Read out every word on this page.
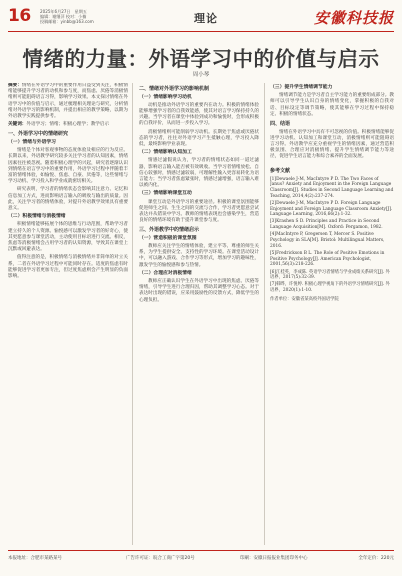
16 2025年6月27日　星期五
编辑：谢继萍 校对：小楠
投稿邮箱：yinbb@163.com	理论	安徽科技报
情绪的力量：外语学习中的价值与启示
周小琴

摘要：情绪在外语学习中的重要作用日益受到关注，积极情绪能够提升学习者的动机和参与度，而焦虑、厌倦等消极情绪则可能阻碍语言习得，影响学习效果。本文探讨情绪在外语学习中的价值与启示，通过梳理相关理论与研究，分析情绪对外语学习的影响机制，并提出相应的教学策略，以期为外语教学实践提供参考。

关键词：外语学习；情绪；积极心理学；教学启示

一、外语学习中的情绪研究
（一）情绪与外语学习

情绪是个体对客观事物的态度体验及相应的行为反应。长期以来，外语教学研究较多关注学习者的认知因素，情绪因素往往被忽视。随着积极心理学的兴起，研究者逐渐认识到情绪在语言学习中的重要作用，外语学习过程中伴随着丰富的情绪体验，如愉悦、焦虑、自豪、厌倦等，这些情绪与学习动机、学习投入和学业成就密切相关。

研究表明，学习者的情绪状态会影响其注意力、记忆和信息加工方式，进而影响语言输入的吸收与输出的质量。因此，关注学习者的情绪体验，对提升外语教学效果具有重要意义。

（二）积极情绪与消极情绪

积极情绪能够拓展个体的思维与行动范围，帮助学习者建立持久的个人资源。愉悦感可以激发学习者的好奇心，使其更愿意参与课堂活动，主动使用目标语进行交流。相反，焦虑等消极情绪会占用学习者的认知资源，导致其在课堂上沉默或回避表达。

值得注意的是，积极情绪与消极情绪并非简单的对立关系，二者在外语学习过程中可能同时存在。适度的焦虑有时能够促进学习者更加专注，但过度焦虑则会产生明显的负面影响。

二、情绪对外语学习的影响机制
（一）情绪影响学习动机

动机是推动外语学习的重要内在动力。积极的情绪体验能够增强学习者的自我效能感，使其对语言学习保持持久的兴趣。当学习者在课堂中体验到成功和愉悦时，会形成积极的自我评价，从而进一步投入学习。

消极情绪则可能削弱学习动机。长期处于焦虑或厌倦状态的学习者，往往对外语学习产生抵触心理，学习投入降低，最终影响学业表现。

（二）情绪影响认知加工

情感过滤假说认为，学习者的情绪状态如同一道过滤器，影响语言输入能否被有效吸收。当学习者情绪放松、自信心较强时，情感过滤较弱，可理解性输入更容易转化为语言能力；当学习者焦虑紧张时，情感过滤增强，语言输入难以被内化。

（三）情绪影响课堂互动

课堂互动是外语学习的重要途径。积极的课堂氛围能够促进师生之间、生生之间的交流与合作，学习者更愿意尝试表达并从错误中学习。教师的情绪表现也会感染学生，营造良好的情绪环境有助于提升课堂参与度。

三、外语教学中的情绪启示
（一）营造积极的课堂氛围

教师应关注学生的情绪体验，建立平等、尊重的师生关系，为学生提供安全、支持性的学习环境。在课堂活动设计中，可以融入游戏、合作学习等形式，增加学习的趣味性，激发学生的愉悦感和参与热情。

（二）合理应对消极情绪

教师应正确认识学生在外语学习中出现的焦虑、厌倦等情绪，引导学生进行合理归因，帮助其调整学习心态。对于表达时出现的错误，应采用鼓励性的反馈方式，降低学生的心理负担。

（三）提升学生情绪调节能力

情绪调节能力是学习者自主学习能力的重要组成部分。教师可以引导学生认识自身的情绪变化，掌握积极的自我对话、目标设定等调节策略，使其能够在学习过程中保持稳定、积极的情绪状态。

四、结语

情绪在外语学习中具有不可忽视的价值。积极情绪能够促进学习动机、认知加工和课堂互动，消极情绪则可能阻碍语言习得。外语教学应充分重视学生的情绪因素，通过营造积极氛围、合理应对消极情绪、提升学生情绪调节能力等途径，促进学生语言能力和综合素养的全面发展。

参考文献
[1]Dewaele J-M, MacIntyre P D. The Two Faces of Janus? Anxiety and Enjoyment in the Foreign Language Classroom[J]. Studies in Second Language Learning and Teaching, 2014,4(2):237-274.
[2]Dewaele J-M, MacIntyre P D. Foreign Language Enjoyment and Foreign Language Classroom Anxiety[J]. Language Learning, 2016,66(2):1-32.
[3]Krashen S D. Principles and Practice in Second Language Acquisition[M]. Oxford: Pergamon, 1982.
[4]MacIntyre P, Gregersen T, Mercer S. Positive Psychology in SLA[M]. Bristol: Multilingual Matters, 2016.
[5]Fredrickson B L. The Role of Positive Emotions in Positive Psychology[J]. American Psychologist, 2001,56(3):218-226.
[6]江桂英，李成陈. 英语学习者情绪与学业成绩关系研究[J]. 外语界，2017(5):32-39.
[7]韩晔，许悦婷. 积极心理学视角下的外语学习情绪研究[J]. 外语界，2020(1):1-10.
作者单位：安徽省某高校外国语学院
本报地址：合肥市某路某号	广告许可证：皖合工商广字第20号	印刷：安徽日报报业集团印务中心	全年定价：220元
